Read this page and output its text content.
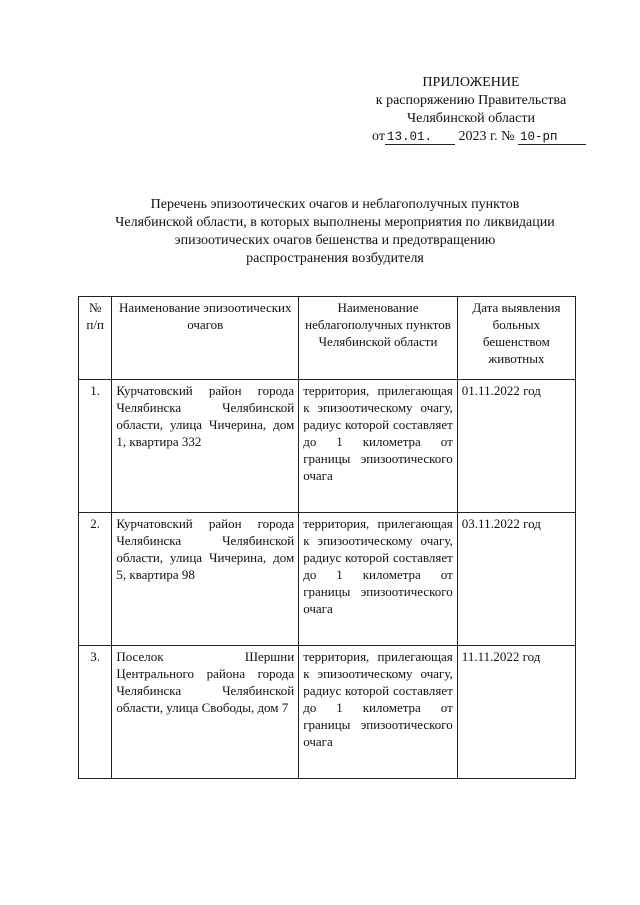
ПРИЛОЖЕНИЕ
к распоряжению Правительства
Челябинской области
от 13.01. 2023 г. № 10-рп
Перечень эпизоотических очагов и неблагополучных пунктов
Челябинской области, в которых выполнены мероприятия по ликвидации
эпизоотических очагов бешенства и предотвращению
распространения возбудителя
№ п/п	Наименование эпизоотических очагов	Наименование неблагополучных пунктов Челябинской области	Дата выявления больных бешенством животных
1.	Курчатовский район города Челябинска Челябинской области, улица Чичерина, дом 1, квартира 332	территория, прилегающая к эпизоотическому очагу, радиус которой составляет до 1 километра от границы эпизоотического очага	01.11.2022 год
2.	Курчатовский район города Челябинска Челябинской области, улица Чичерина, дом 5, квартира 98	территория, прилегающая к эпизоотическому очагу, радиус которой составляет до 1 километра от границы эпизоотического очага	03.11.2022 год
3.	Поселок Шершни Центрального района города Челябинска Челябинской области, улица Свободы, дом 7	территория, прилегающая к эпизоотическому очагу, радиус которой составляет до 1 километра от границы эпизоотического очага	11.11.2022 год
